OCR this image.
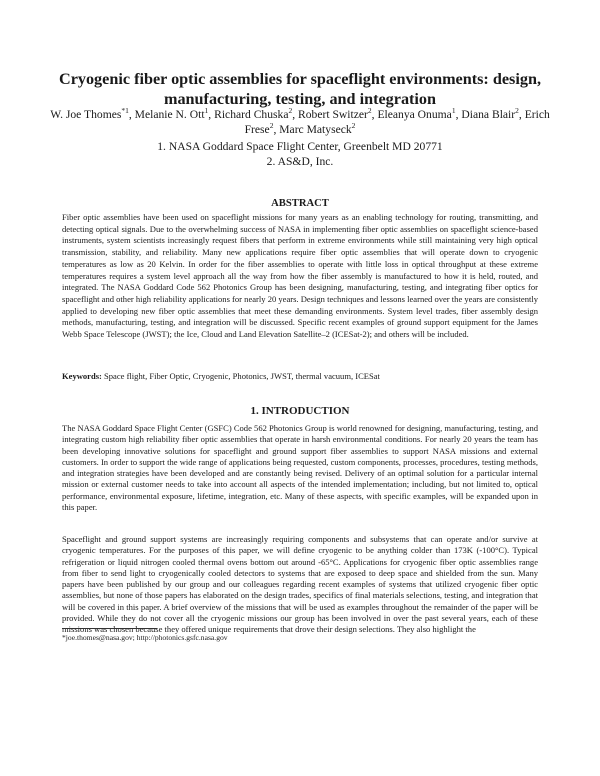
Cryogenic fiber optic assemblies for spaceflight environments: design, manufacturing, testing, and integration
W. Joe Thomes$^{*1}$, Melanie N. Ott$^1$, Richard Chuska$^2$, Robert Switzer$^2$, Eleanya Onuma$^1$, Diana Blair$^2$, Erich Frese$^2$, Marc Matyseck$^2$
1. NASA Goddard Space Flight Center, Greenbelt MD 20771
2. AS&D, Inc.
ABSTRACT

Fiber optic assemblies have been used on spaceflight missions for many years as an enabling technology for routing, transmitting, and detecting optical signals. Due to the overwhelming success of NASA in implementing fiber optic assemblies on spaceflight science-based instruments, system scientists increasingly request fibers that perform in extreme environments while still maintaining very high optical transmission, stability, and reliability. Many new applications require fiber optic assemblies that will operate down to cryogenic temperatures as low as 20 Kelvin. In order for the fiber assemblies to operate with little loss in optical throughput at these extreme temperatures requires a system level approach all the way from how the fiber assembly is manufactured to how it is held, routed, and integrated. The NASA Goddard Code 562 Photonics Group has been designing, manufacturing, testing, and integrating fiber optics for spaceflight and other high reliability applications for nearly 20 years. Design techniques and lessons learned over the years are consistently applied to developing new fiber optic assemblies that meet these demanding environments. System level trades, fiber assembly design methods, manufacturing, testing, and integration will be discussed. Specific recent examples of ground support equipment for the James Webb Space Telescope (JWST); the Ice, Cloud and Land Elevation Satellite–2 (ICESat-2); and others will be included.

Keywords: Space flight, Fiber Optic, Cryogenic, Photonics, JWST, thermal vacuum, ICESat

1. INTRODUCTION

The NASA Goddard Space Flight Center (GSFC) Code 562 Photonics Group is world renowned for designing, manufacturing, testing, and integrating custom high reliability fiber optic assemblies that operate in harsh environmental conditions. For nearly 20 years the team has been developing innovative solutions for spaceflight and ground support fiber assemblies to support NASA missions and external customers. In order to support the wide range of applications being requested, custom components, processes, procedures, testing methods, and integration strategies have been developed and are constantly being revised. Delivery of an optimal solution for a particular internal mission or external customer needs to take into account all aspects of the intended implementation; including, but not limited to, optical performance, environmental exposure, lifetime, integration, etc. Many of these aspects, with specific examples, will be expanded upon in this paper.

Spaceflight and ground support systems are increasingly requiring components and subsystems that can operate and/or survive at cryogenic temperatures. For the purposes of this paper, we will define cryogenic to be anything colder than 173K (-100°C). Typical refrigeration or liquid nitrogen cooled thermal ovens bottom out around -65°C. Applications for cryogenic fiber optic assemblies range from fiber to send light to cryogenically cooled detectors to systems that are exposed to deep space and shielded from the sun. Many papers have been published by our group and our colleagues regarding recent examples of systems that utilized cryogenic fiber optic assemblies, but none of those papers has elaborated on the design trades, specifics of final materials selections, testing, and integration that will be covered in this paper. A brief overview of the missions that will be used as examples throughout the remainder of the paper will be provided. While they do not cover all the cryogenic missions our group has been involved in over the past several years, each of these missions was chosen because they offered unique requirements that drove their design selections. They also highlight the

*joe.thomes@nasa.gov; http://photonics.gsfc.nasa.gov
